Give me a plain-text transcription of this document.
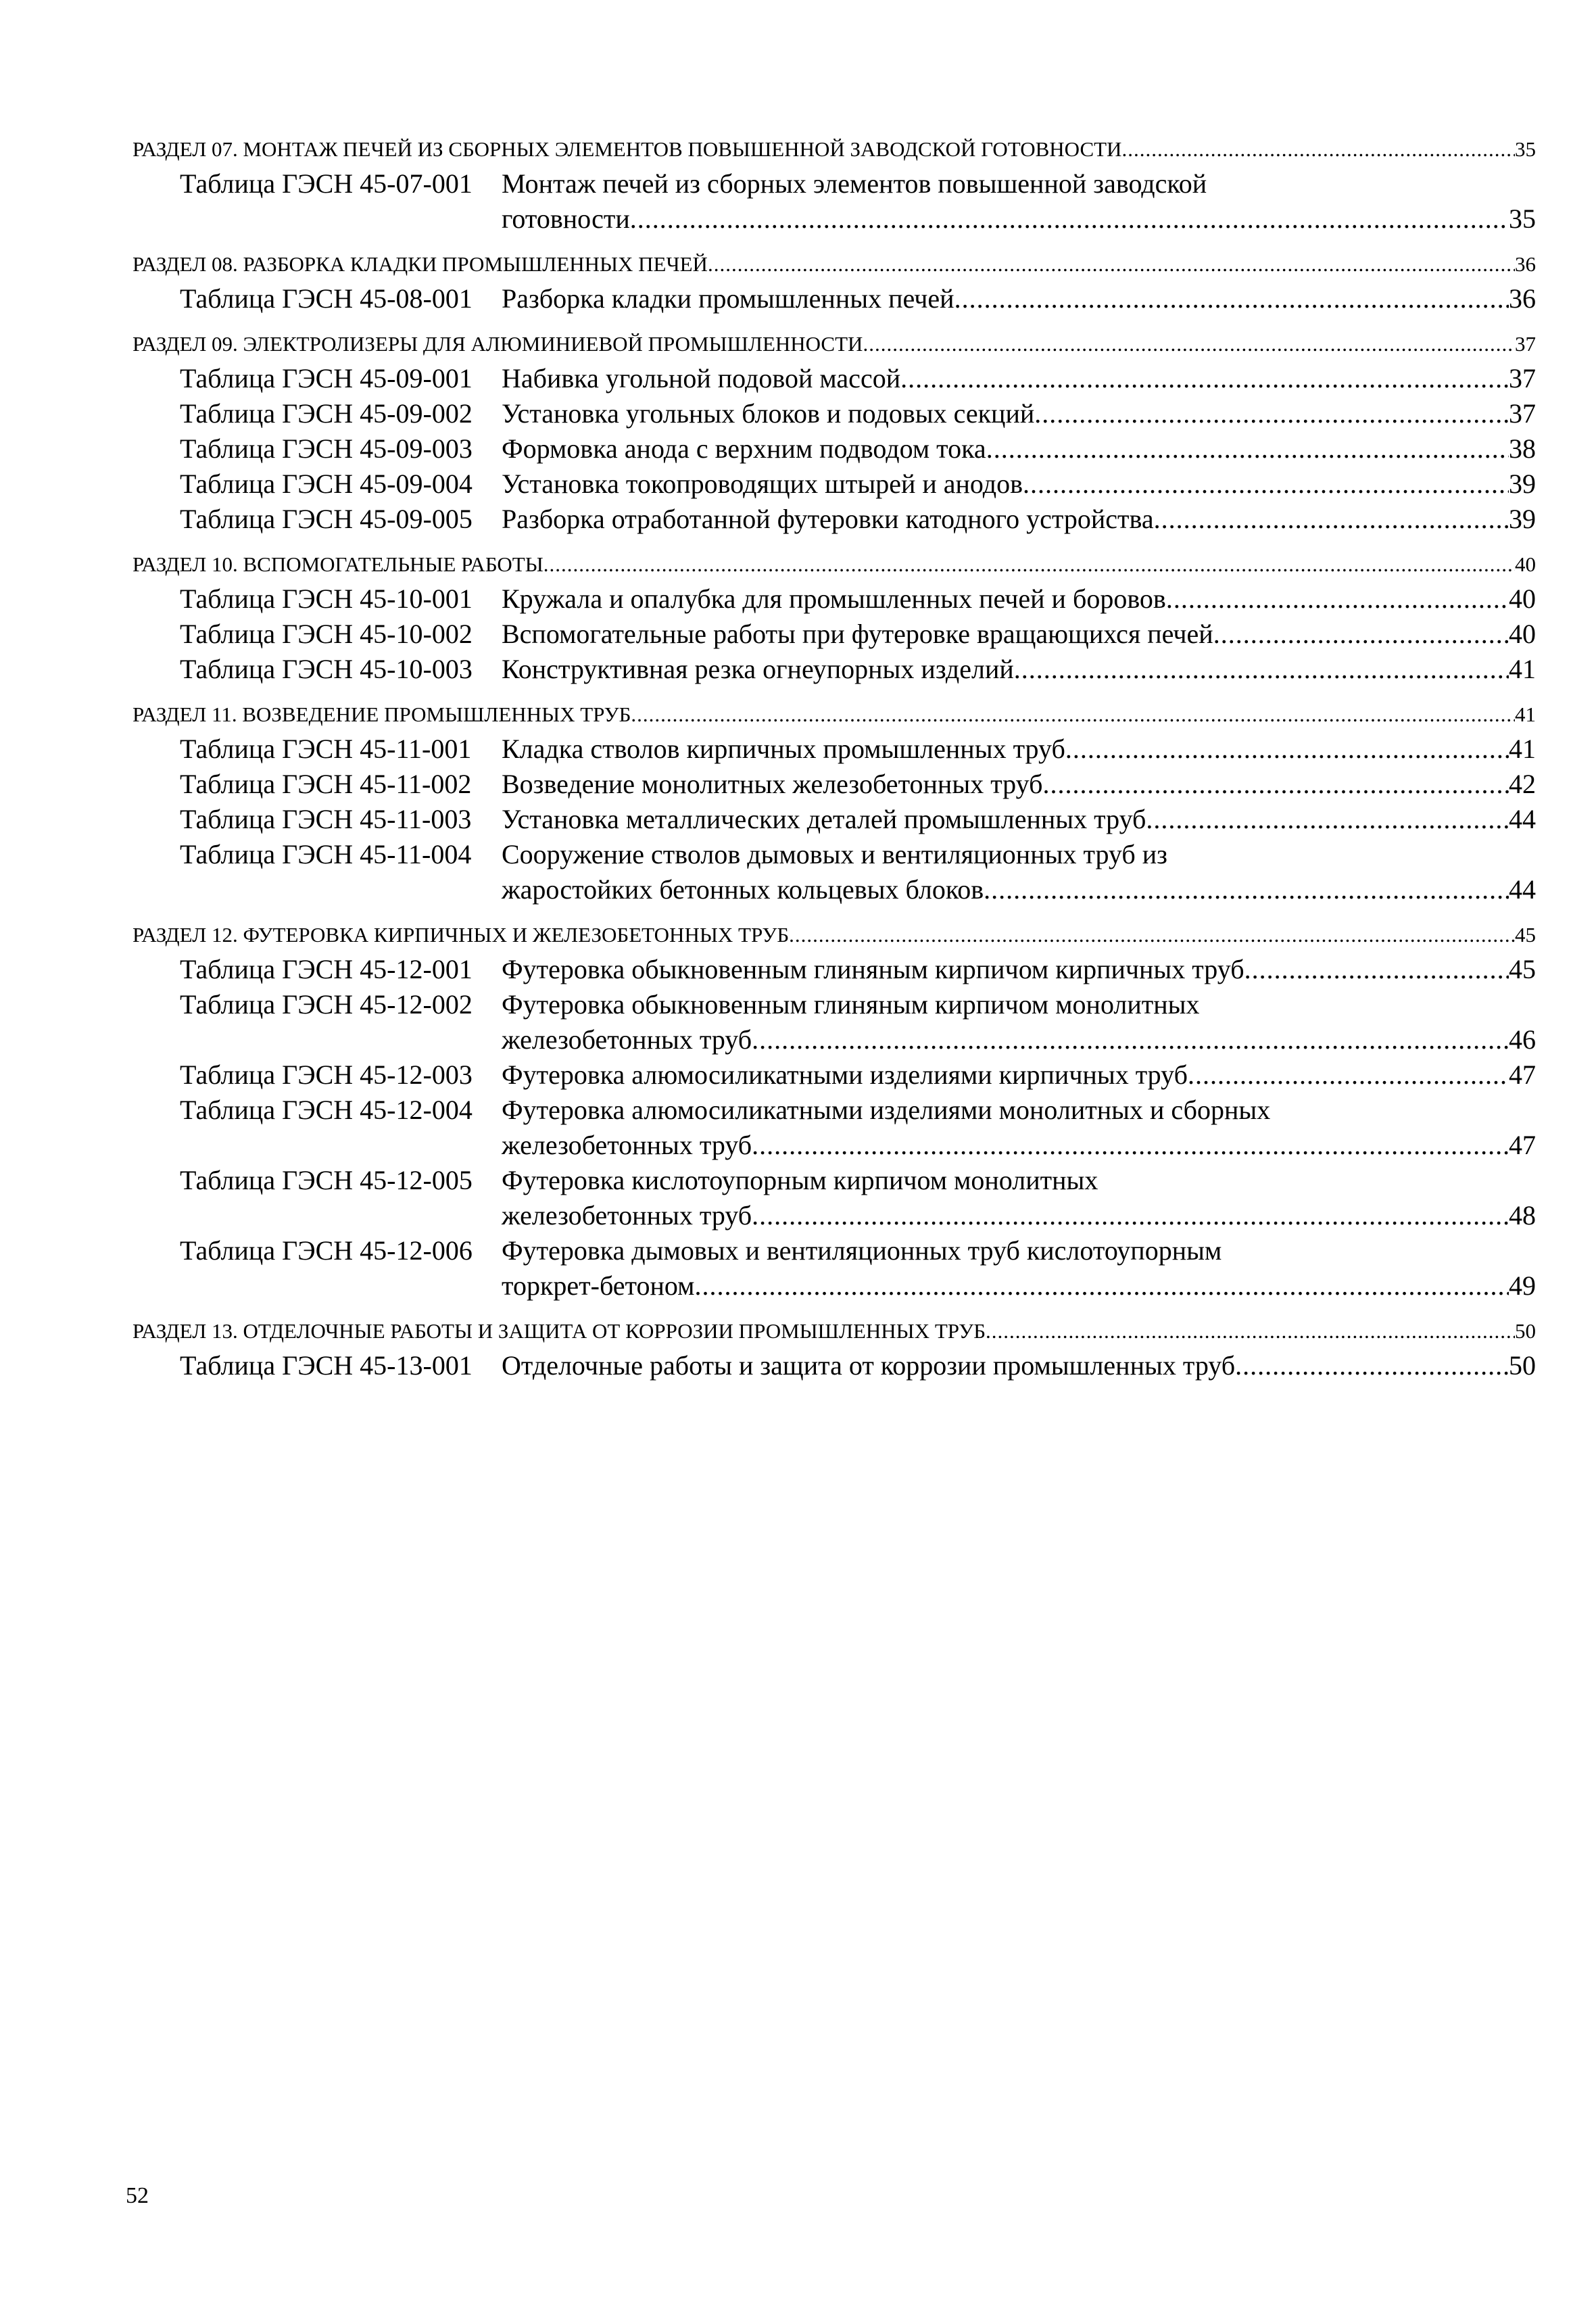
РАЗДЕЛ 07. МОНТАЖ ПЕЧЕЙ ИЗ СБОРНЫХ ЭЛЕМЕНТОВ ПОВЫШЕННОЙ ЗАВОДСКОЙ ГОТОВНОСТИ .....	35
Таблица ГЭСН 45-07-001	Монтаж печей из сборных элементов повышенной заводской
готовности .....	35
РАЗДЕЛ 08. РАЗБОРКА КЛАДКИ ПРОМЫШЛЕННЫХ ПЕЧЕЙ .....	36
Таблица ГЭСН 45-08-001	Разборка кладки промышленных печей .....	36
РАЗДЕЛ 09. ЭЛЕКТРОЛИЗЕРЫ ДЛЯ АЛЮМИНИЕВОЙ ПРОМЫШЛЕННОСТИ .....	37
Таблица ГЭСН 45-09-001	Набивка угольной подовой массой .....	37
Таблица ГЭСН 45-09-002	Установка угольных блоков и подовых секций .....	37
Таблица ГЭСН 45-09-003	Формовка анода с верхним подводом тока .....	38
Таблица ГЭСН 45-09-004	Установка токопроводящих штырей и анодов .....	39
Таблица ГЭСН 45-09-005	Разборка отработанной футеровки катодного устройства .....	39
РАЗДЕЛ 10. ВСПОМОГАТЕЛЬНЫЕ РАБОТЫ .....	40
Таблица ГЭСН 45-10-001	Кружала и опалубка для промышленных печей и боровов .....	40
Таблица ГЭСН 45-10-002	Вспомогательные работы при футеровке вращающихся печей .....	40
Таблица ГЭСН 45-10-003	Конструктивная резка огнеупорных изделий .....	41
РАЗДЕЛ 11. ВОЗВЕДЕНИЕ ПРОМЫШЛЕННЫХ ТРУБ .....	41
Таблица ГЭСН 45-11-001	Кладка стволов кирпичных промышленных труб .....	41
Таблица ГЭСН 45-11-002	Возведение монолитных железобетонных труб .....	42
Таблица ГЭСН 45-11-003	Установка металлических деталей промышленных труб .....	44
Таблица ГЭСН 45-11-004	Сооружение стволов дымовых и вентиляционных труб из
жаростойких бетонных кольцевых блоков .....	44
РАЗДЕЛ 12. ФУТЕРОВКА КИРПИЧНЫХ И ЖЕЛЕЗОБЕТОННЫХ ТРУБ .....	45
Таблица ГЭСН 45-12-001	Футеровка обыкновенным глиняным кирпичом кирпичных труб .....	45
Таблица ГЭСН 45-12-002	Футеровка обыкновенным глиняным кирпичом монолитных
железобетонных труб .....	46
Таблица ГЭСН 45-12-003	Футеровка алюмосиликатными изделиями кирпичных труб .....	47
Таблица ГЭСН 45-12-004	Футеровка алюмосиликатными изделиями монолитных и сборных
железобетонных труб .....	47
Таблица ГЭСН 45-12-005	Футеровка кислотоупорным кирпичом монолитных
железобетонных труб .....	48
Таблица ГЭСН 45-12-006	Футеровка дымовых и вентиляционных труб кислотоупорным
торкрет-бетоном .....	49
РАЗДЕЛ 13. ОТДЕЛОЧНЫЕ РАБОТЫ И ЗАЩИТА ОТ КОРРОЗИИ ПРОМЫШЛЕННЫХ ТРУБ .....	50
Таблица ГЭСН 45-13-001	Отделочные работы и защита от коррозии промышленных труб .....	50
52
